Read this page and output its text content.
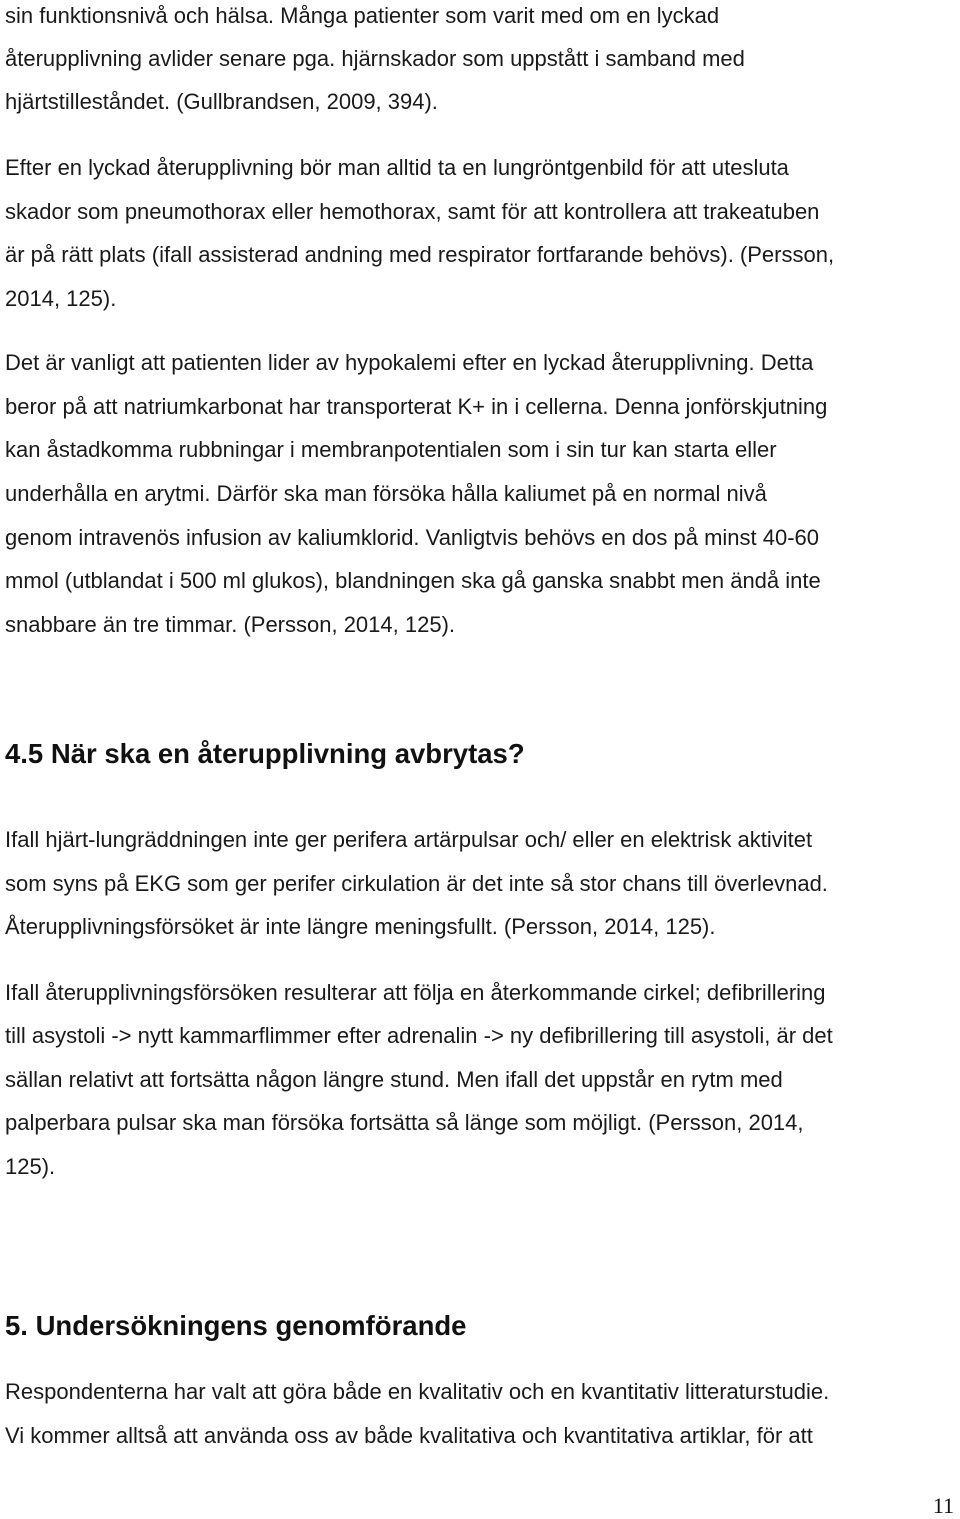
sin funktionsnivå och hälsa. Många patienter som varit med om en lyckad

återupplivning avlider senare pga. hjärnskador som uppstått i samband med

hjärtstilleståndet. (Gullbrandsen, 2009, 394).

Efter en lyckad återupplivning bör man alltid ta en lungröntgenbild för att utesluta

skador som pneumothorax eller hemothorax, samt för att kontrollera att trakeatuben

är på rätt plats (ifall assisterad andning med respirator fortfarande behövs). (Persson,

2014, 125).

Det är vanligt att patienten lider av hypokalemi efter en lyckad återupplivning. Detta

beror på att natriumkarbonat har transporterat K+ in i cellerna. Denna jonförskjutning

kan åstadkomma rubbningar i membranpotentialen som i sin tur kan starta eller

underhålla en arytmi. Därför ska man försöka hålla kaliumet på en normal nivå

genom intravenös infusion av kaliumklorid. Vanligtvis behövs en dos på minst 40-60

mmol (utblandat i 500 ml glukos), blandningen ska gå ganska snabbt men ändå inte

snabbare än tre timmar. (Persson, 2014, 125).

4.5 När ska en återupplivning avbrytas?

Ifall hjärt-lungräddningen inte ger perifera artärpulsar och/ eller en elektrisk aktivitet

som syns på EKG som ger perifer cirkulation är det inte så stor chans till överlevnad.

Återupplivningsförsöket är inte längre meningsfullt. (Persson, 2014, 125).

Ifall återupplivningsförsöken resulterar att följa en återkommande cirkel; defibrillering

till asystoli -> nytt kammarflimmer efter adrenalin -> ny defibrillering till asystoli, är det

sällan relativt att fortsätta någon längre stund. Men ifall det uppstår en rytm med

palperbara pulsar ska man försöka fortsätta så länge som möjligt. (Persson, 2014,

125).

5. Undersökningens genomförande

Respondenterna har valt att göra både en kvalitativ och en kvantitativ litteraturstudie.

Vi kommer alltså att använda oss av både kvalitativa och kvantitativa artiklar, för att

11
